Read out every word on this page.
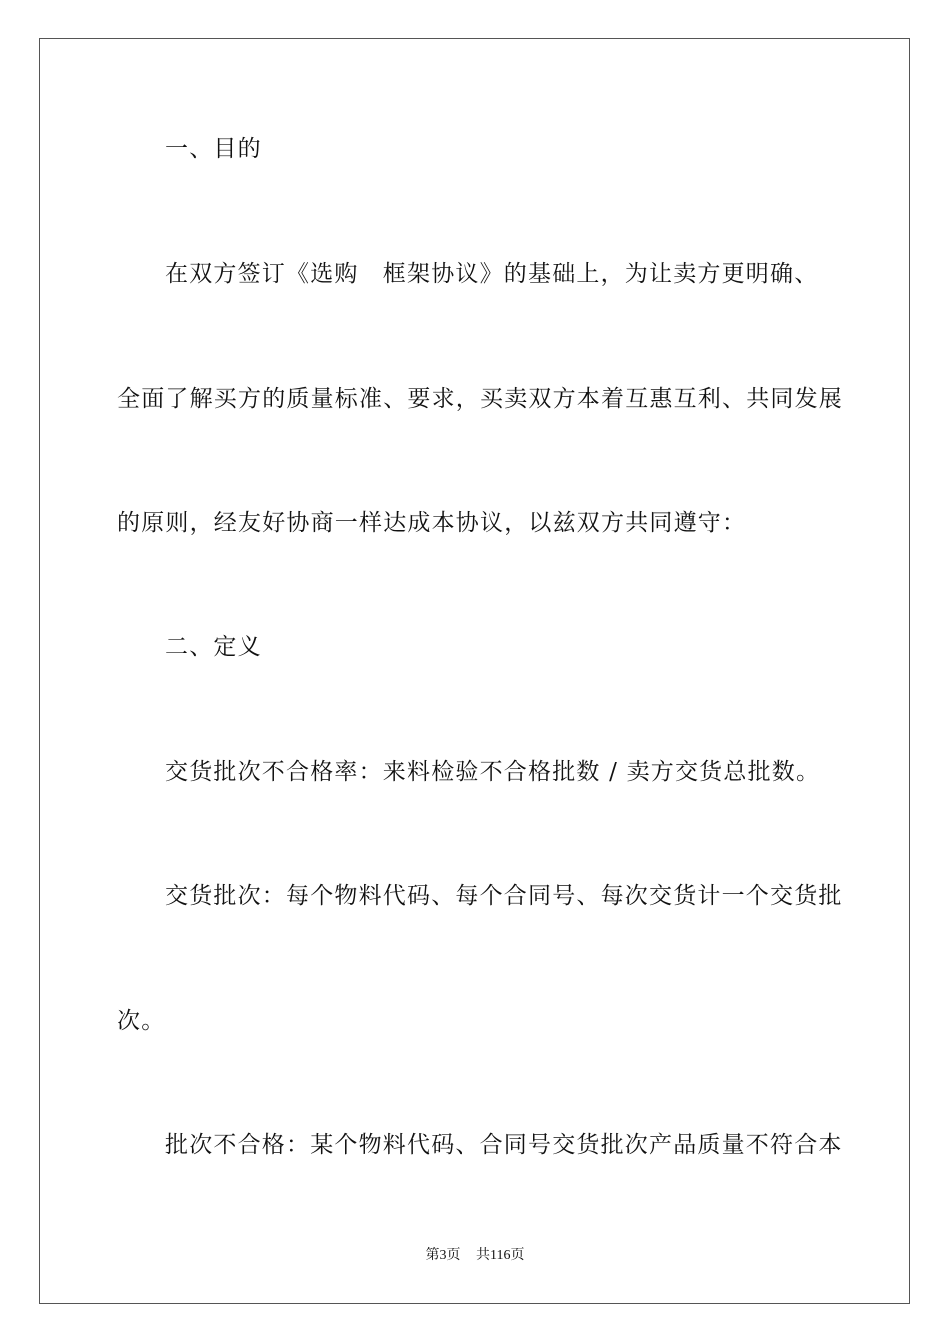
一、目的
在双方签订《选购　框架协议》的基础上，为让卖方更明确、
全面了解买方的质量标准、要求，买卖双方本着互惠互利、共同发展
的原则，经友好协商一样达成本协议，以兹双方共同遵守：
二、定义
交货批次不合格率：来料检验不合格批数 / 卖方交货总批数。
交货批次：每个物料代码、每个合同号、每次交货计一个交货批
次。
批次不合格：某个物料代码、合同号交货批次产品质量不符合本
第3页 共116页
